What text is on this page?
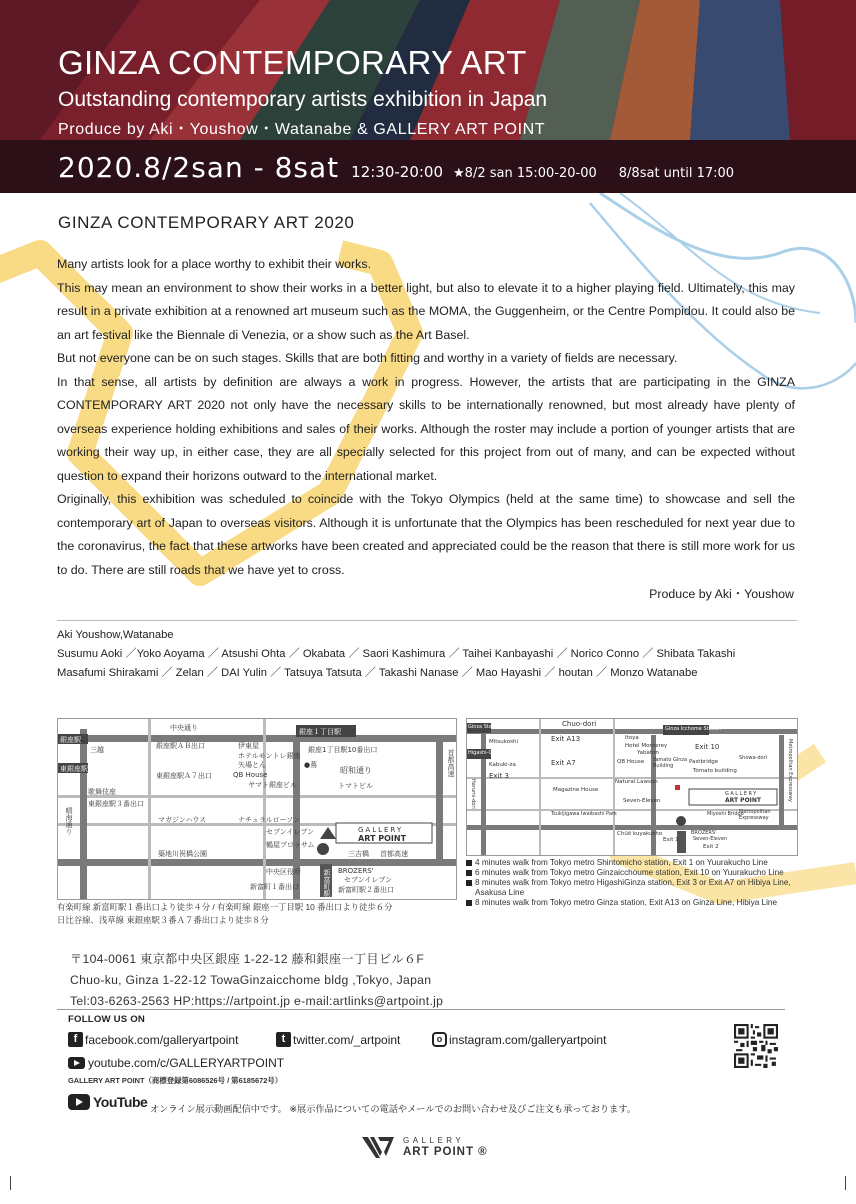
GINZA CONTEMPORARY ART
Outstanding contemporary artists exhibition in Japan
Produce by Aki・Youshow・Watanabe & GALLERY ART POINT
2020.8/2san - 8sat 12:30-20:00 ★8/2 san 15:00-20-00 8/8sat until 17:00
GINZA CONTEMPORARY ART 2020

Many artists look for a place worthy to exhibit their works.

This may mean an environment to show their works in a better light, but also to elevate it to a higher playing field. Ultimately, this may result in a private exhibition at a renowned art museum such as the MOMA, the Guggenheim, or the Centre Pompidou. It could also be an art festival like the Biennale di Venezia, or a show such as the Art Basel.

But not everyone can be on such stages. Skills that are both fitting and worthy in a variety of fields are necessary.

In that sense, all artists by definition are always a work in progress. However, the artists that are participating in the GINZA CONTEMPORARY ART 2020 not only have the necessary skills to be internationally renowned, but most already have plenty of overseas experience holding exhibitions and sales of their works. Although the roster may include a portion of younger artists that are working their way up, in either case, they are all specially selected for this project from out of many, and can be expected without question to expand their horizons outward to the international market.

Originally, this exhibition was scheduled to coincide with the Tokyo Olympics (held at the same time) to showcase and sell the contemporary art of Japan to overseas visitors. Although it is unfortunate that the Olympics has been rescheduled for next year due to the coronavirus, the fact that these artworks have been created and appreciated could be the reason that there is still more work for us to do. There are still roads that we have yet to cross.

Produce by Aki・Youshow
Aki Youshow,Watanabe
Susumu Aoki ／Yoko Aoyama ／ Atsushi Ohta ／ Okabata ／ Saori Kashimura ／ Taihei Kanbayashi ／ Norico Conno ／ Shibata Takashi
Masafumi Shirakami ／ Zelan ／ DAI Yulin ／ Tatsuya Tatsuta ／ Takashi Nanase ／ Mao Hayashi ／ houtan ／ Monzo Watanabe
中央通り	銀座１丁目駅
銀座駅
三越	銀座駅ＡＢ出口	伊東屋
ホテルモントレ銀座
矢場とん	●蔦
銀座1丁目駅10番出口
東銀座駅
東銀座駅Ａ７出口	QB House
ヤマト銀座ビル
昭和通り
トマトビル
歌舞伎座
東銀座駅３番出口
晴海通り	マガジンハウス	ナチュラルローソン
セブンイレブン
鶴屋ブロッサム
GALLERY
ART POINT
首都高速
築地川祝橋公園	三吉橋 首都高速
中央区役所	新富町駅
新富町１番出口
BROZERS'
セブンイレブン
新富町駅２番出口
有楽町線 新富町駅１番出口より徒歩４分 / 有楽町線 銀座一丁目駅 10 番出口より徒歩６分
日比谷線、浅草線 東銀座駅３番Ａ７番出口より徒歩８分
Ginza Station	Chuo-dori
Ginza Icchome Station
Mitsukoshi	Exit A13	Itoya
Hotel Monterey
Yabaton
Exit 10
Higashi-Ginza Station
Kabuki-za
Exit 3
Exit A7	QB House Yamato Ginza Building
Pastbridge
Tomato building
Showa-dori
Natural Lawson
Magazine House
Seven-Eleven
GALLERY
ART POINT
Tsukijigawa Iwaibashi Park	Miyoshi Bridge
Metropolitan Expressway
Chūō kuyakusho	BROZERS'
Seven-Eleven
Exit 1
Exit 2
Harumi-dori	Metropolitan Expressway
4 minutes walk from Tokyo metro Shintomicho station, Exit 1 on Yuurakucho Line
6 minutes walk from Tokyo metro Ginzaicchoume station, Exit 10 on Yuurakucho Line
8 minutes walk from Tokyo metro HigashiGinza station, Exit 3 or Exit A7 on Hibiya Line, Asakusa Line
8 minutes walk from Tokyo metro Ginza station, Exit A13 on Ginza Line, Hibiya Line
〒104-0061 東京都中央区銀座 1-22-12 藤和銀座一丁目ビル６F
Chuo-ku, Ginza 1-22-12 TowaGinzaicchome bldg ,Tokyo, Japan
Tel:03-6263-2563 HP:https://artpoint.jp e-mail:artlinks@artpoint.jp
FOLLOW US ON
f facebook.com/galleryartpoint	t twitter.com/_artpoint	o instagram.com/galleryartpoint
youtube.com/c/GALLERYARTPOINT
GALLERY ART POINT（商標登録第6086526号 / 第6185672号）
YouTube オンライン展示動画配信中です。 ※展示作品についての電話やメールでのお問い合わせ及びご注文も承っております。
GALLERY
ART POINT ®
